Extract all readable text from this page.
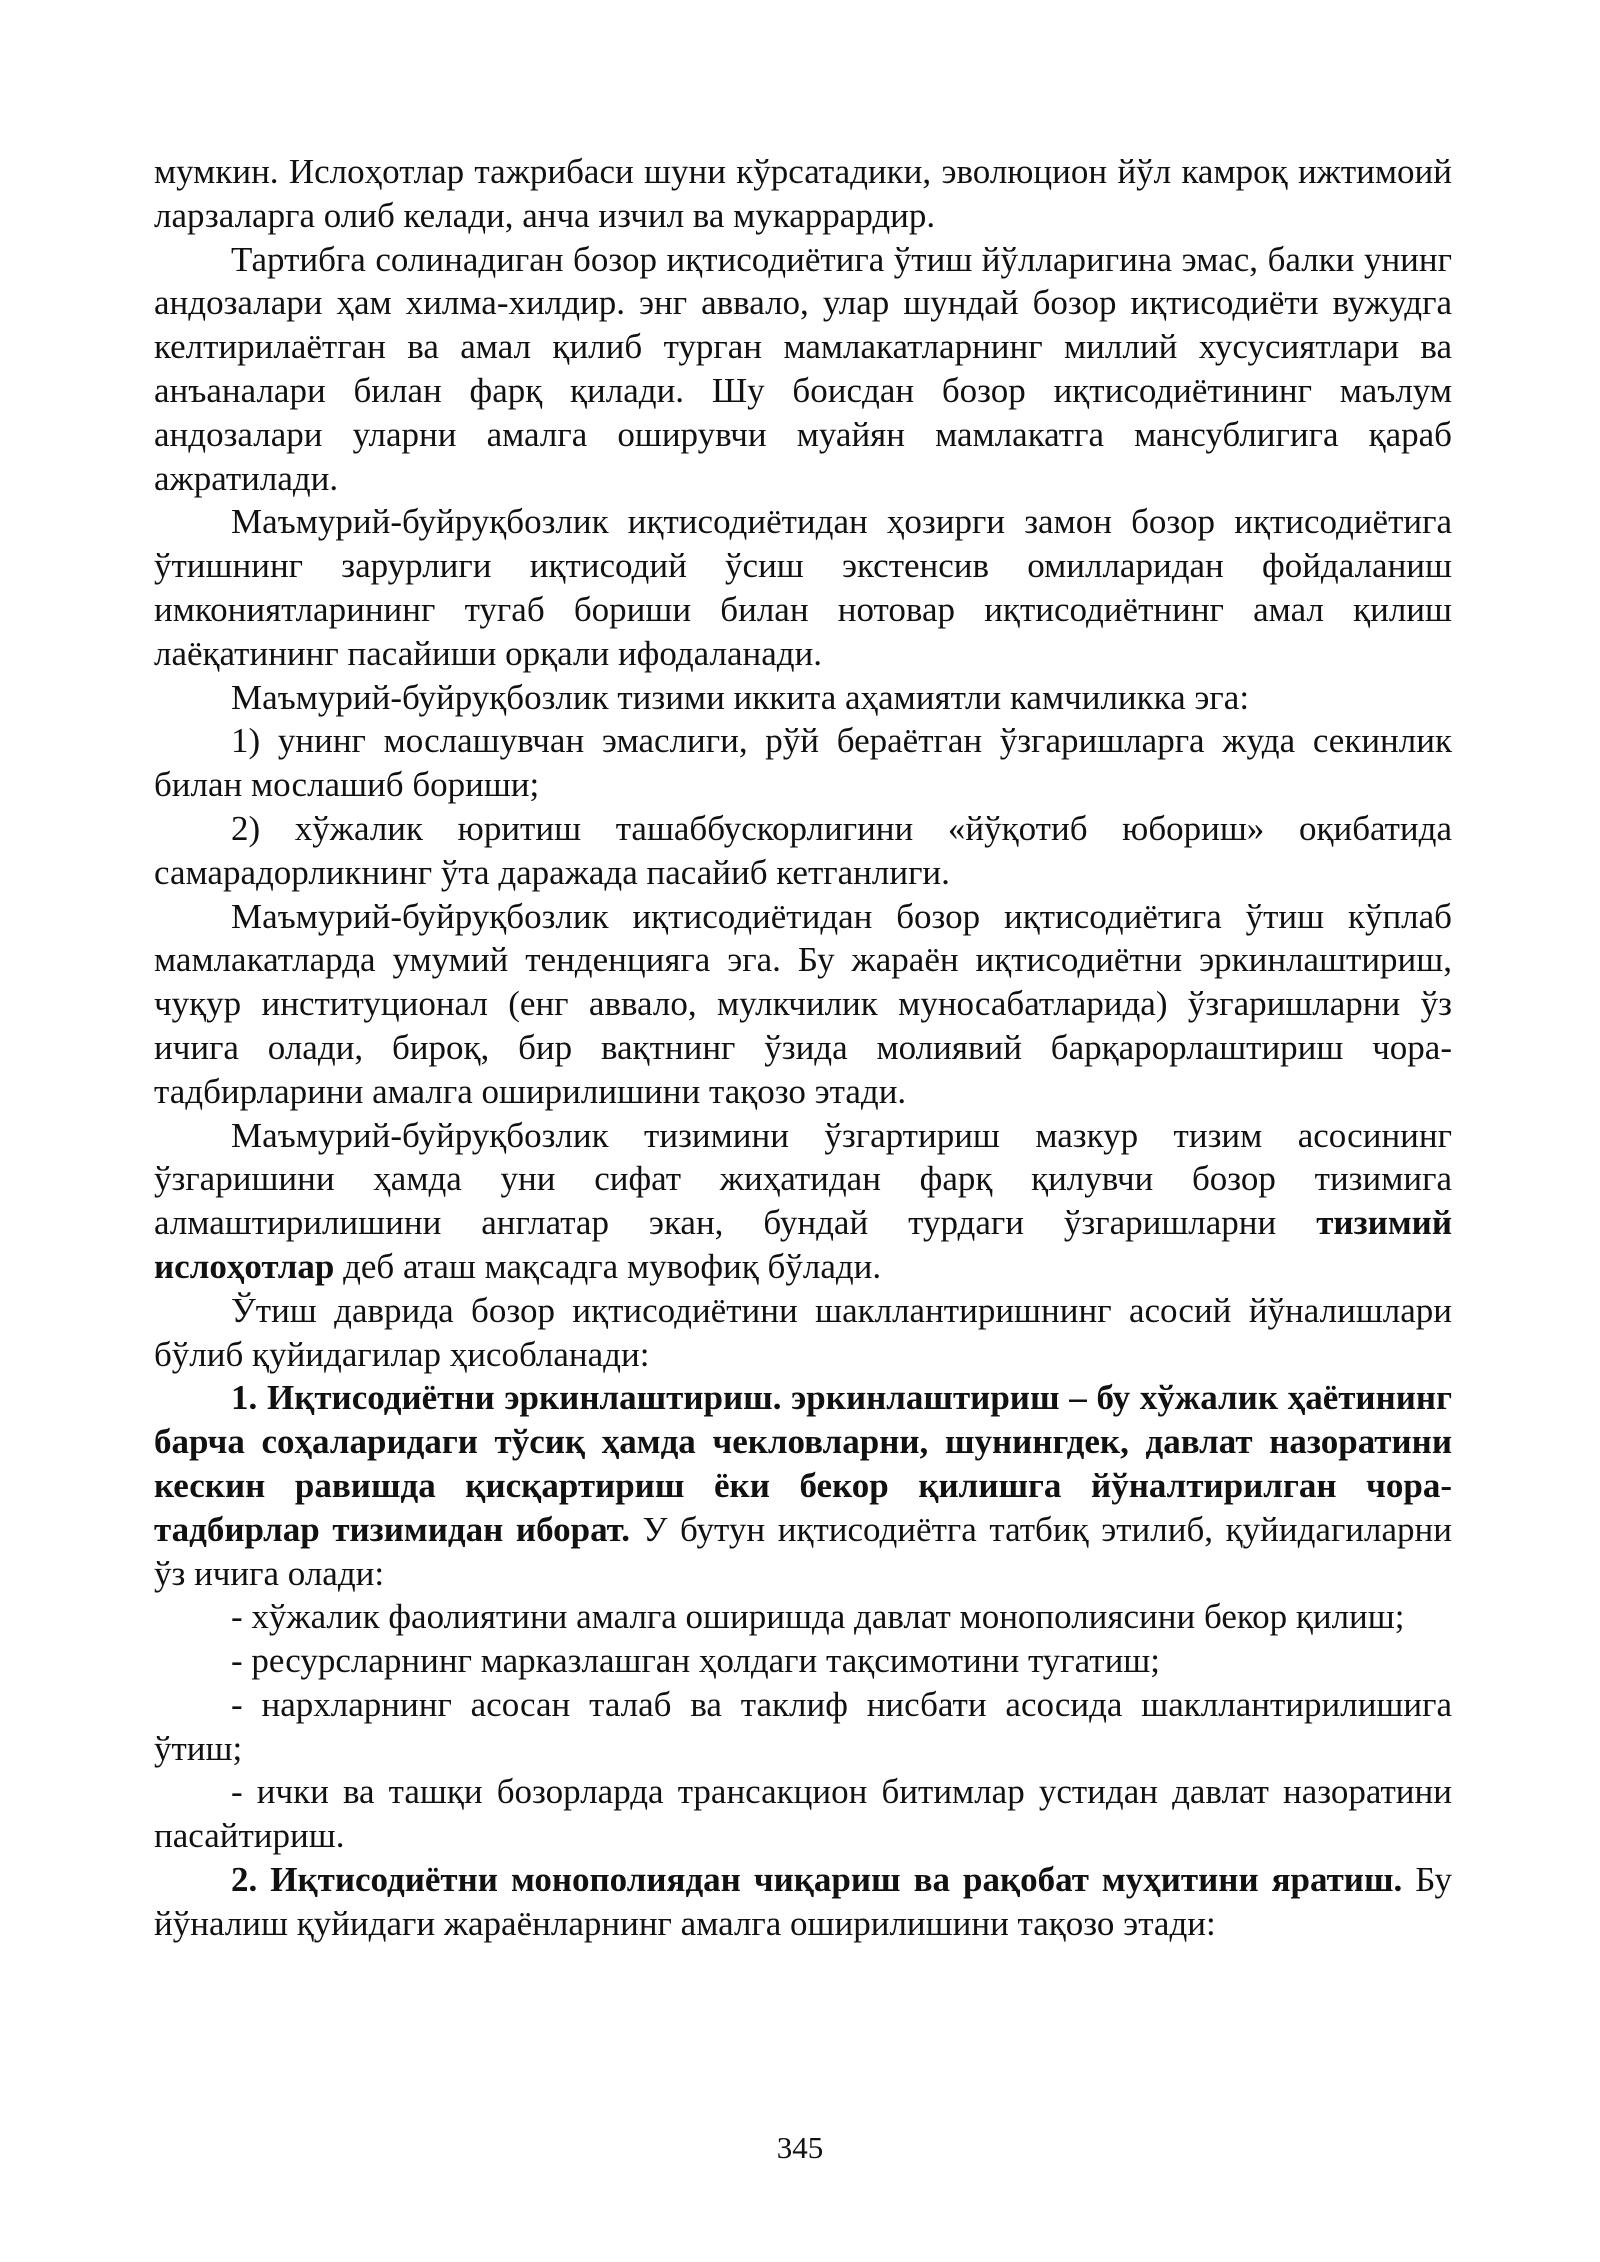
мумкин. Ислоҳотлар тажрибаси шуни кўрсатадики, эволюцион йўл камроқ ижтимоий ларзаларга олиб келади, анча изчил ва мукаррардир.

Тартибга солинадиган бозор иқтисодиётига ўтиш йўлларигина эмас, балки унинг андозалари ҳам хилма-хилдир. энг аввало, улар шундай бозор иқтисодиёти вужудга келтирилаётган ва амал қилиб турган мамлакатларнинг миллий хусусиятлари ва анъаналари билан фарқ қилади. Шу боисдан бозор иқтисодиётининг маълум андозалари уларни амалга оширувчи муайян мамлакатга мансублигига қараб ажратилади.

Маъмурий-буйруқбозлик иқтисодиётидан ҳозирги замон бозор иқтисодиётига ўтишнинг зарурлиги иқтисодий ўсиш экстенсив омилларидан фойдаланиш имкониятларининг тугаб бориши билан нотовар иқтисодиётнинг амал қилиш лаёқатининг пасайиши орқали ифодаланади.

Маъмурий-буйруқбозлик тизими иккита аҳамиятли камчиликка эга:

1) унинг мослашувчан эмаслиги, рўй бераётган ўзгаришларга жуда секинлик билан мослашиб бориши;

2) хўжалик юритиш ташаббускорлигини «йўқотиб юбориш» оқибатида самарадорликнинг ўта даражада пасайиб кетганлиги.

Маъмурий-буйруқбозлик иқтисодиётидан бозор иқтисодиётига ўтиш кўплаб мамлакатларда умумий тенденцияга эга. Бу жараён иқтисодиётни эркинлаштириш, чуқур институционал (енг аввало, мулкчилик муносабатларида) ўзгаришларни ўз ичига олади, бироқ, бир вақтнинг ўзида молиявий барқарорлаштириш чора-тадбирларини амалга оширилишини тақозо этади.

Маъмурий-буйруқбозлик тизимини ўзгартириш мазкур тизим асосининг ўзгаришини ҳамда уни сифат жиҳатидан фарқ қилувчи бозор тизимига алмаштирилишини англатар экан, бундай турдаги ўзгаришларни тизимий ислоҳотлар деб аташ мақсадга мувофиқ бўлади.

Ўтиш даврида бозор иқтисодиётини шакллантиришнинг асосий йўналишлари бўлиб қуйидагилар ҳисобланади:

1. Иқтисодиётни эркинлаштириш. эркинлаштириш – бу хўжалик ҳаётининг барча соҳаларидаги тўсиқ ҳамда чекловларни, шунингдек, давлат назоратини кескин равишда қисқартириш ёки бекор қилишга йўналтирилган чора-тадбирлар тизимидан иборат. У бутун иқтисодиётга татбиқ этилиб, қуйидагиларни ўз ичига олади:

- хўжалик фаолиятини амалга оширишда давлат монополиясини бекор қилиш;

- ресурсларнинг марказлашган ҳолдаги тақсимотини тугатиш;

- нархларнинг асосан талаб ва таклиф нисбати асосида шакллантирилишига ўтиш;

- ички ва ташқи бозорларда трансакцион битимлар устидан давлат назоратини пасайтириш.

2. Иқтисодиётни монополиядан чиқариш ва рақобат муҳитини яратиш. Бу йўналиш қуйидаги жараёнларнинг амалга оширилишини тақозо этади:

345
